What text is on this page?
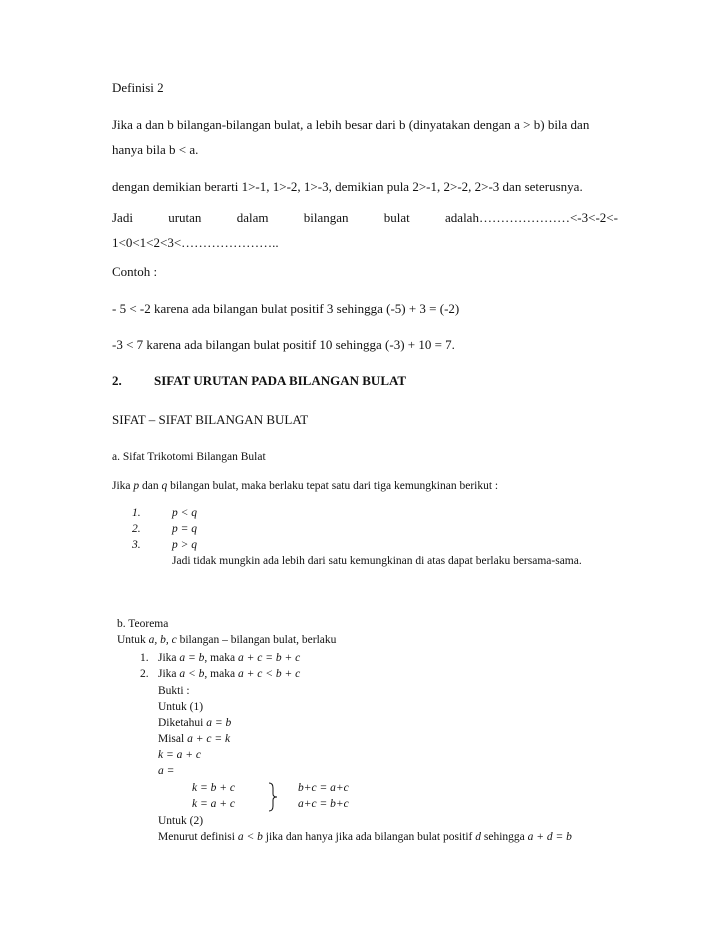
Definisi 2
Jika a dan b bilangan-bilangan bulat, a lebih besar dari b (dinyatakan dengan a > b) bila dan
hanya bila b < a.
dengan demikian berarti 1>-1, 1>-2, 1>-3, demikian pula 2>-1, 2>-2, 2>-3 dan seterusnya.
Jadi	urutan	dalam	bilangan	bulat	adalah…………………<-3<-2<-
1<0<1<2<3<…………………..
Contoh :
- 5 < -2 karena ada bilangan bulat positif 3 sehingga (-5) + 3 = (-2)
-3 < 7 karena ada bilangan bulat positif 10 sehingga (-3) + 10 = 7.
2. SIFAT URUTAN PADA BILANGAN BULAT
SIFAT – SIFAT BILANGAN BULAT
a. Sifat Trikotomi Bilangan Bulat
Jika p dan q bilangan bulat, maka berlaku tepat satu dari tiga kemungkinan berikut :
1.	p < q
2.	p = q
3.	p > q
Jadi tidak mungkin ada lebih dari satu kemungkinan di atas dapat berlaku bersama-sama.
b. Teorema
Untuk a, b, c bilangan – bilangan bulat, berlaku
1. Jika a = b, maka a + c = b + c
2. Jika a < b, maka a + c < b + c
Bukti :
Untuk (1)
Diketahui a = b
Misal a + c = k
k = a + c
a =
k = b + c
k = a + c
b+c = a+c
a+c = b+c
Untuk (2)
Menurut definisi a < b jika dan hanya jika ada bilangan bulat positif d sehingga a + d = b
